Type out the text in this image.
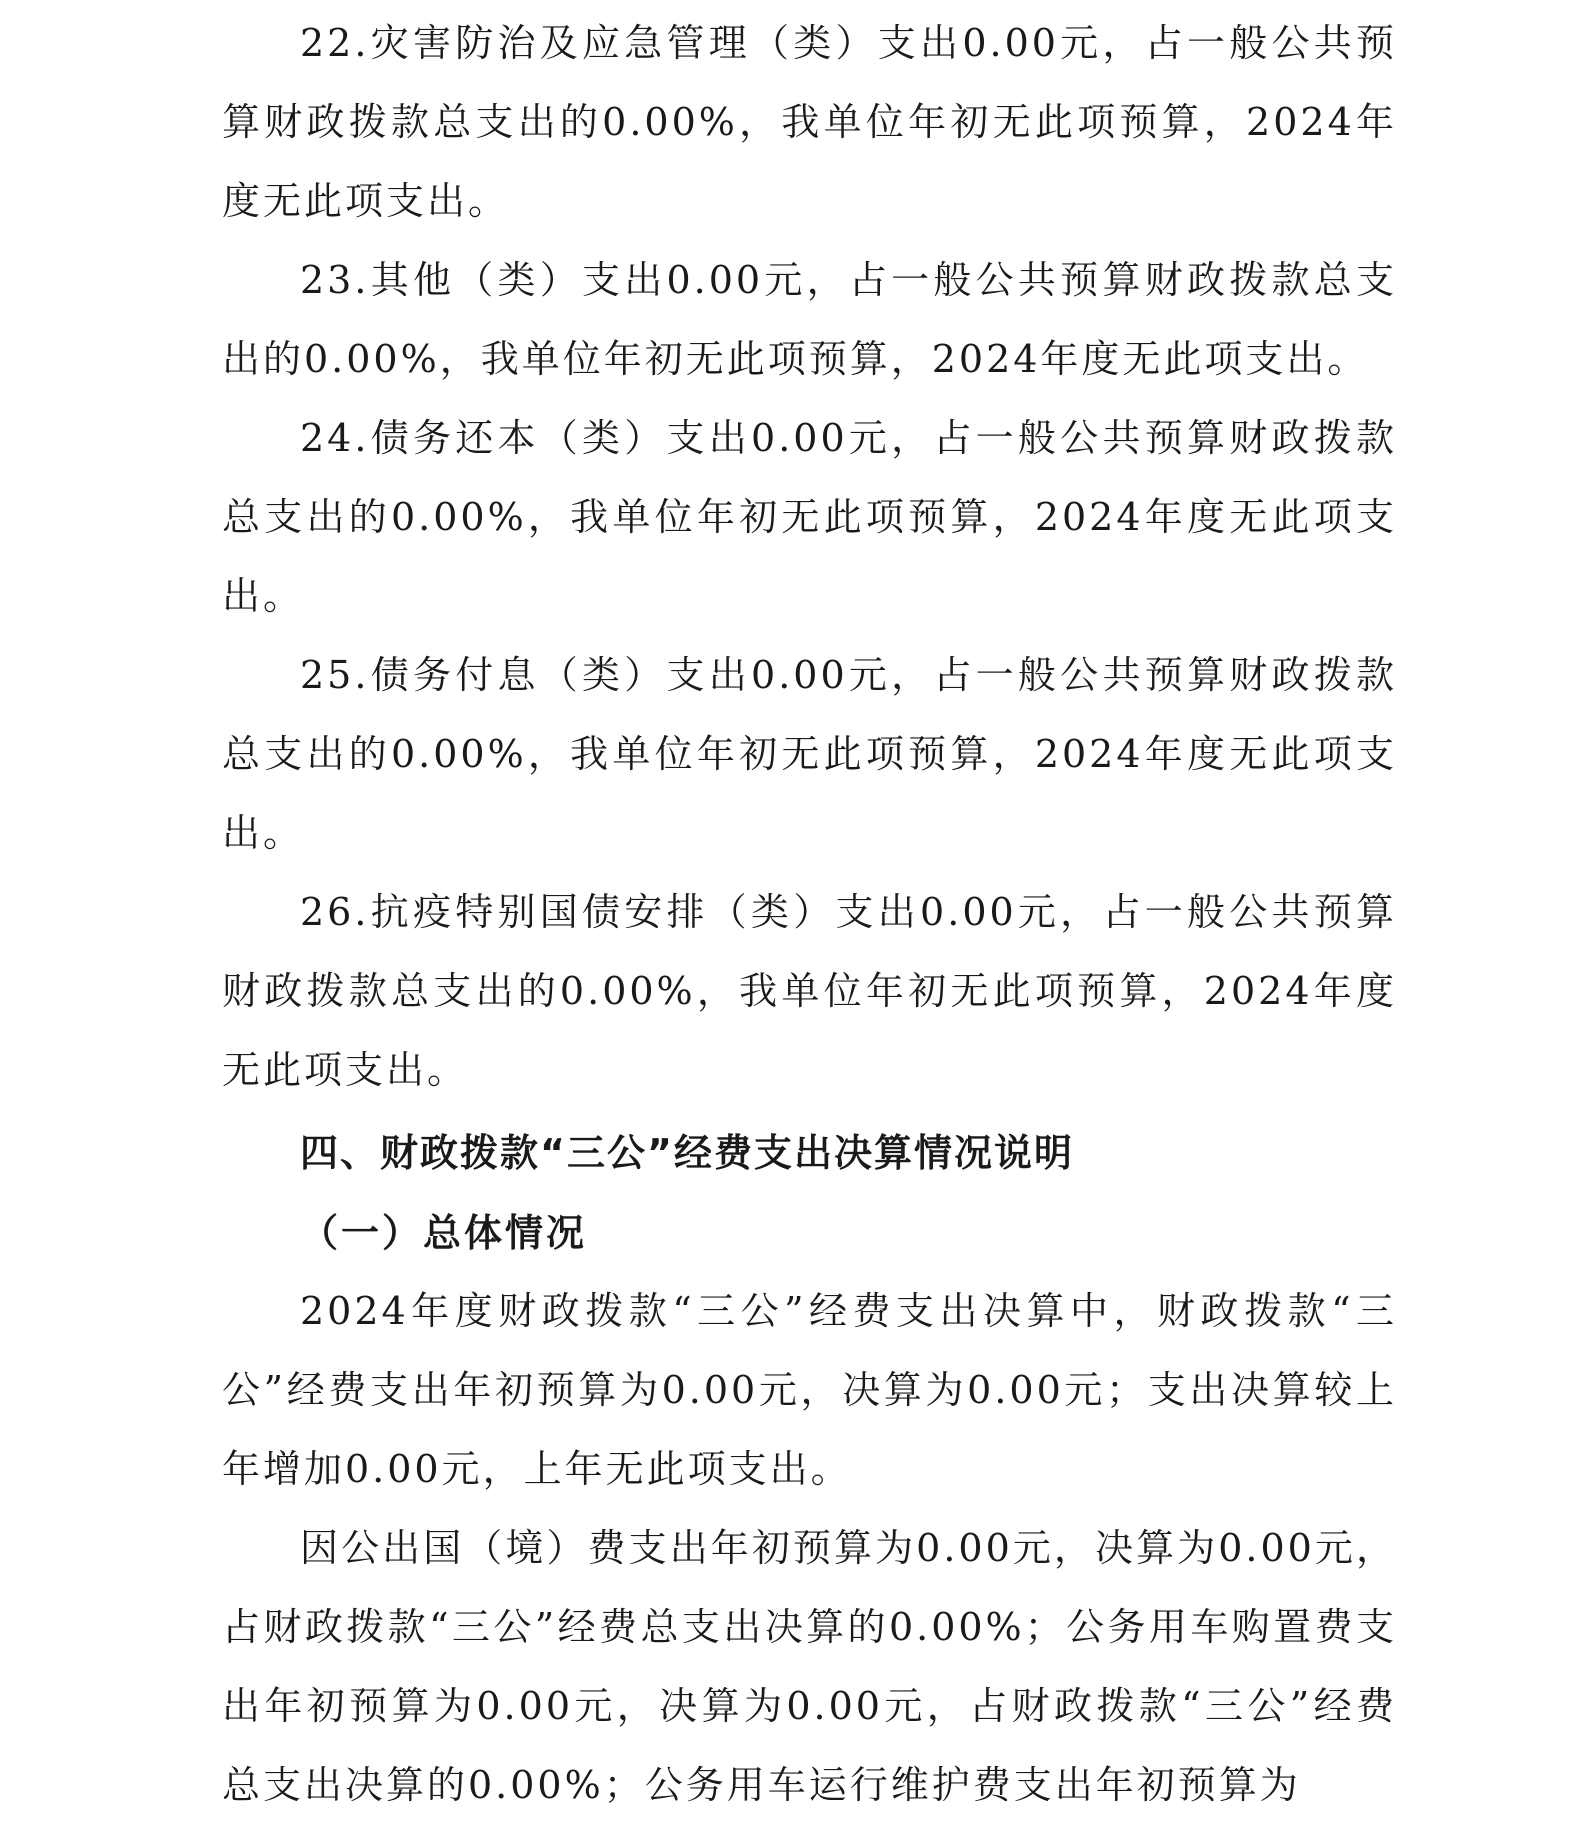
22.灾害防治及应急管理（类）支出0.00元，占一般公共预算财政拨款总支出的0.00%，我单位年初无此项预算，2024年度无此项支出。

23.其他（类）支出0.00元，占一般公共预算财政拨款总支出的0.00%，我单位年初无此项预算，2024年度无此项支出。

24.债务还本（类）支出0.00元，占一般公共预算财政拨款总支出的0.00%，我单位年初无此项预算，2024年度无此项支出。

25.债务付息（类）支出0.00元，占一般公共预算财政拨款总支出的0.00%，我单位年初无此项预算，2024年度无此项支出。

26.抗疫特别国债安排（类）支出0.00元，占一般公共预算财政拨款总支出的0.00%，我单位年初无此项预算，2024年度无此项支出。

四、财政拨款“三公”经费支出决算情况说明
（一）总体情况

2024年度财政拨款“三公”经费支出决算中，财政拨款“三公”经费支出年初预算为0.00元，决算为0.00元；支出决算较上年增加0.00元，上年无此项支出。

因公出国（境）费支出年初预算为0.00元，决算为0.00元，占财政拨款“三公”经费总支出决算的0.00%；公务用车购置费支出年初预算为0.00元，决算为0.00元，占财政拨款“三公”经费总支出决算的0.00%；公务用车运行维护费支出年初预算为
